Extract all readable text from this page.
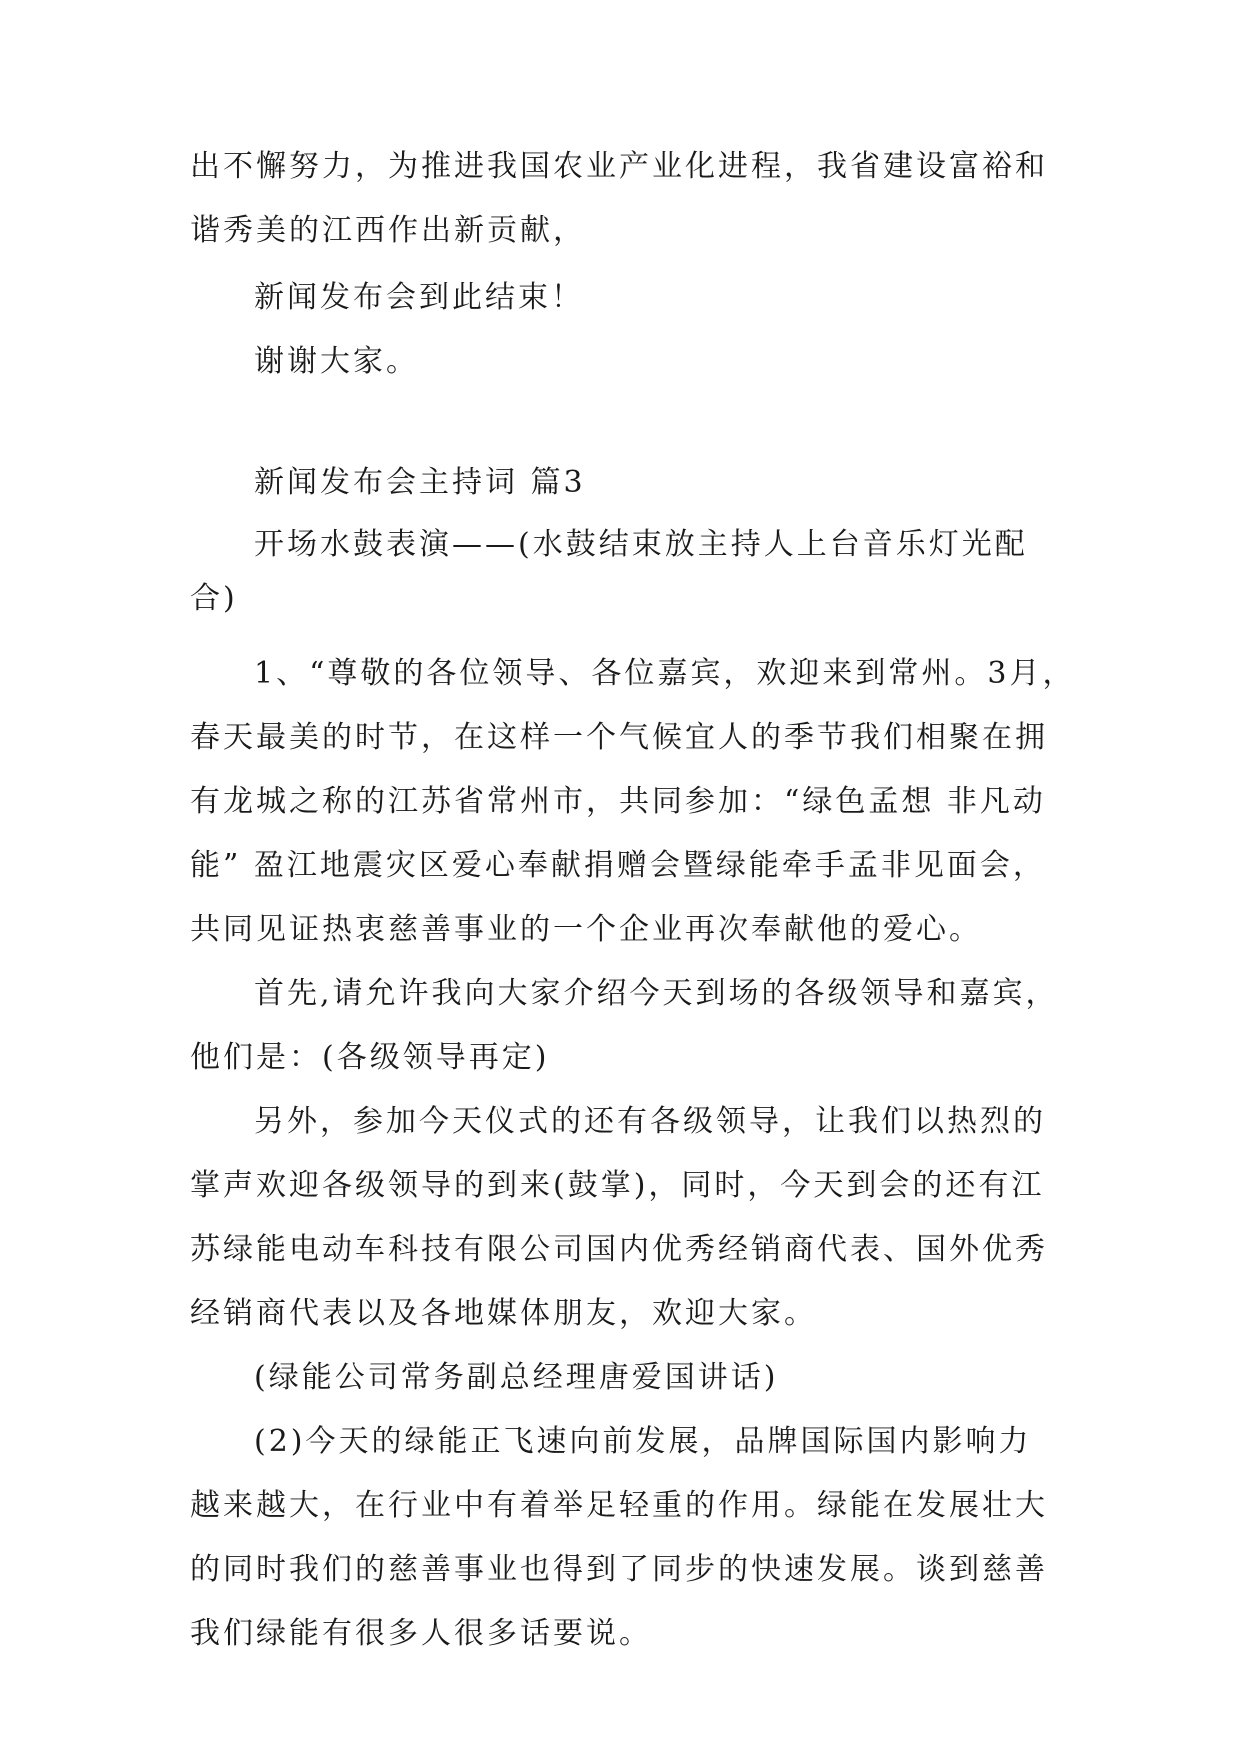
出不懈努力，为推进我国农业产业化进程，我省建设富裕和

谐秀美的江西作出新贡献，

新闻发布会到此结束！

谢谢大家。

新闻发布会主持词 篇3

开场水鼓表演——(水鼓结束放主持人上台音乐灯光配

合)

1、“尊敬的各位领导、各位嘉宾，欢迎来到常州。3月，

春天最美的时节，在这样一个气候宜人的季节我们相聚在拥

有龙城之称的江苏省常州市，共同参加：“绿色孟想 非凡动

能” 盈江地震灾区爱心奉献捐赠会暨绿能牵手孟非见面会，

共同见证热衷慈善事业的一个企业再次奉献他的爱心。

首先,请允许我向大家介绍今天到场的各级领导和嘉宾，

他们是：(各级领导再定)

另外，参加今天仪式的还有各级领导，让我们以热烈的

掌声欢迎各级领导的到来(鼓掌)，同时，今天到会的还有江

苏绿能电动车科技有限公司国内优秀经销商代表、国外优秀

经销商代表以及各地媒体朋友，欢迎大家。

(绿能公司常务副总经理唐爱国讲话)

(2)今天的绿能正飞速向前发展，品牌国际国内影响力

越来越大，在行业中有着举足轻重的作用。绿能在发展壮大

的同时我们的慈善事业也得到了同步的快速发展。谈到慈善

我们绿能有很多人很多话要说。
